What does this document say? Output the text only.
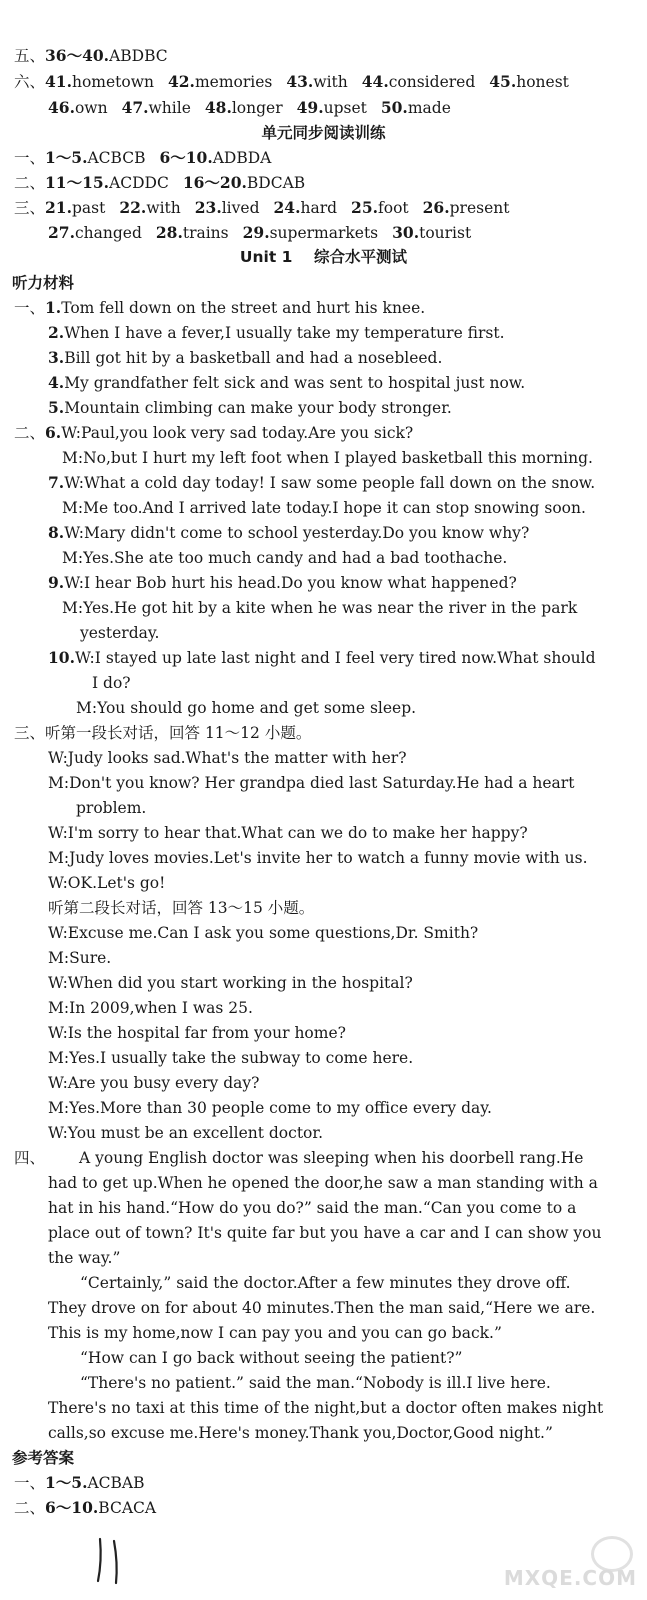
五、36～40.ABDBC
六、41.hometown 42.memories 43.with 44.considered 45.honest
46.own 47.while 48.longer 49.upset 50.made
单元同步阅读训练
一、1～5.ACBCB 6～10.ADBDA
二、11～15.ACDDC 16～20.BDCAB
三、21.past 22.with 23.lived 24.hard 25.foot 26.present
27.changed 28.trains 29.supermarkets 30.tourist
Unit 1 综合水平测试
听力材料
一、1.Tom fell down on the street and hurt his knee.
2.When I have a fever,I usually take my temperature first.
3.Bill got hit by a basketball and had a nosebleed.
4.My grandfather felt sick and was sent to hospital just now.
5.Mountain climbing can make your body stronger.
二、6.W:Paul,you look very sad today.Are you sick?
M:No,but I hurt my left foot when I played basketball this morning.
7.W:What a cold day today! I saw some people fall down on the snow.
M:Me too.And I arrived late today.I hope it can stop snowing soon.
8.W:Mary didn't come to school yesterday.Do you know why?
M:Yes.She ate too much candy and had a bad toothache.
9.W:I hear Bob hurt his head.Do you know what happened?
M:Yes.He got hit by a kite when he was near the river in the park
yesterday.
10.W:I stayed up late last night and I feel very tired now.What should
I do?
M:You should go home and get some sleep.
三、听第一段长对话，回答 11～12 小题。
W:Judy looks sad.What's the matter with her?
M:Don't you know? Her grandpa died last Saturday.He had a heart
problem.
W:I'm sorry to hear that.What can we do to make her happy?
M:Judy loves movies.Let's invite her to watch a funny movie with us.
W:OK.Let's go!
听第二段长对话，回答 13～15 小题。
W:Excuse me.Can I ask you some questions,Dr. Smith?
M:Sure.
W:When did you start working in the hospital?
M:In 2009,when I was 25.
W:Is the hospital far from your home?
M:Yes.I usually take the subway to come here.
W:Are you busy every day?
M:Yes.More than 30 people come to my office every day.
W:You must be an excellent doctor.
四、 A young English doctor was sleeping when his doorbell rang.He
had to get up.When he opened the door,he saw a man standing with a
hat in his hand.“How do you do?” said the man.“Can you come to a
place out of town? It's quite far but you have a car and I can show you
the way.”
“Certainly,” said the doctor.After a few minutes they drove off.
They drove on for about 40 minutes.Then the man said,“Here we are.
This is my home,now I can pay you and you can go back.”
“How can I go back without seeing the patient?”
“There's no patient.” said the man.“Nobody is ill.I live here.
There's no taxi at this time of the night,but a doctor often makes night
calls,so excuse me.Here's money.Thank you,Doctor,Good night.”
参考答案
一、1～5.ACBAB
二、6～10.BCACA
MXQE.COM
